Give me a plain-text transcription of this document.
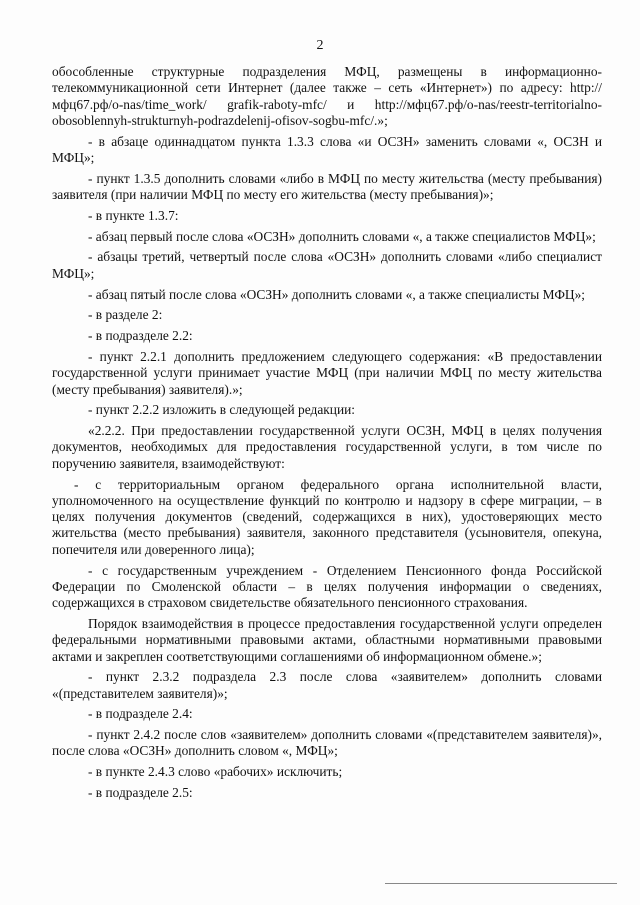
2

обособленные структурные подразделения МФЦ, размещены в информационно-телекоммуникационной сети Интернет (далее также – сеть «Интернет») по адресу: http://мфц67.рф/o-nas/time_work/ grafik-raboty-mfc/ и http://мфц67.рф/o-nas/reestr-territorialno-obosoblennyh-strukturnyh-podrazdelenij-ofisov-sogbu-mfc/.»;

- в абзаце одиннадцатом пункта 1.3.3 слова «и ОСЗН» заменить словами «, ОСЗН и МФЦ»;

- пункт 1.3.5 дополнить словами «либо в МФЦ по месту жительства (месту пребывания) заявителя (при наличии МФЦ по месту его жительства (месту пребывания)»;

- в пункте 1.3.7:

- абзац первый после слова «ОСЗН» дополнить словами «, а также специалистов МФЦ»;

- абзацы третий, четвертый после слова «ОСЗН» дополнить словами «либо специалист МФЦ»;

- абзац пятый после слова «ОСЗН» дополнить словами «, а также специалисты МФЦ»;

- в разделе 2:

- в подразделе 2.2:

- пункт 2.2.1 дополнить предложением следующего содержания: «В предоставлении государственной услуги принимает участие МФЦ (при наличии МФЦ по месту жительства (месту пребывания) заявителя).»;

- пункт 2.2.2 изложить в следующей редакции:

«2.2.2. При предоставлении государственной услуги ОСЗН, МФЦ в целях получения документов, необходимых для предоставления государственной услуги, в том числе по поручению заявителя, взаимодействуют:

- с территориальным органом федерального органа исполнительной власти, уполномоченного на осуществление функций по контролю и надзору в сфере миграции, – в целях получения документов (сведений, содержащихся в них), удостоверяющих место жительства (место пребывания) заявителя, законного представителя (усыновителя, опекуна, попечителя или доверенного лица);

- с государственным учреждением - Отделением Пенсионного фонда Российской Федерации по Смоленской области – в целях получения информации о сведениях, содержащихся в страховом свидетельстве обязательного пенсионного страхования.

Порядок взаимодействия в процессе предоставления государственной услуги определен федеральными нормативными правовыми актами, областными нормативными правовыми актами и закреплен соответствующими соглашениями об информационном обмене.»;

- пункт 2.3.2 подраздела 2.3 после слова «заявителем» дополнить словами «(представителем заявителя)»;

- в подразделе 2.4:

- пункт 2.4.2 после слов «заявителем» дополнить словами «(представителем заявителя)», после слова «ОСЗН» дополнить словом «, МФЦ»;

- в пункте 2.4.3 слово «рабочих» исключить;

- в подразделе 2.5:
